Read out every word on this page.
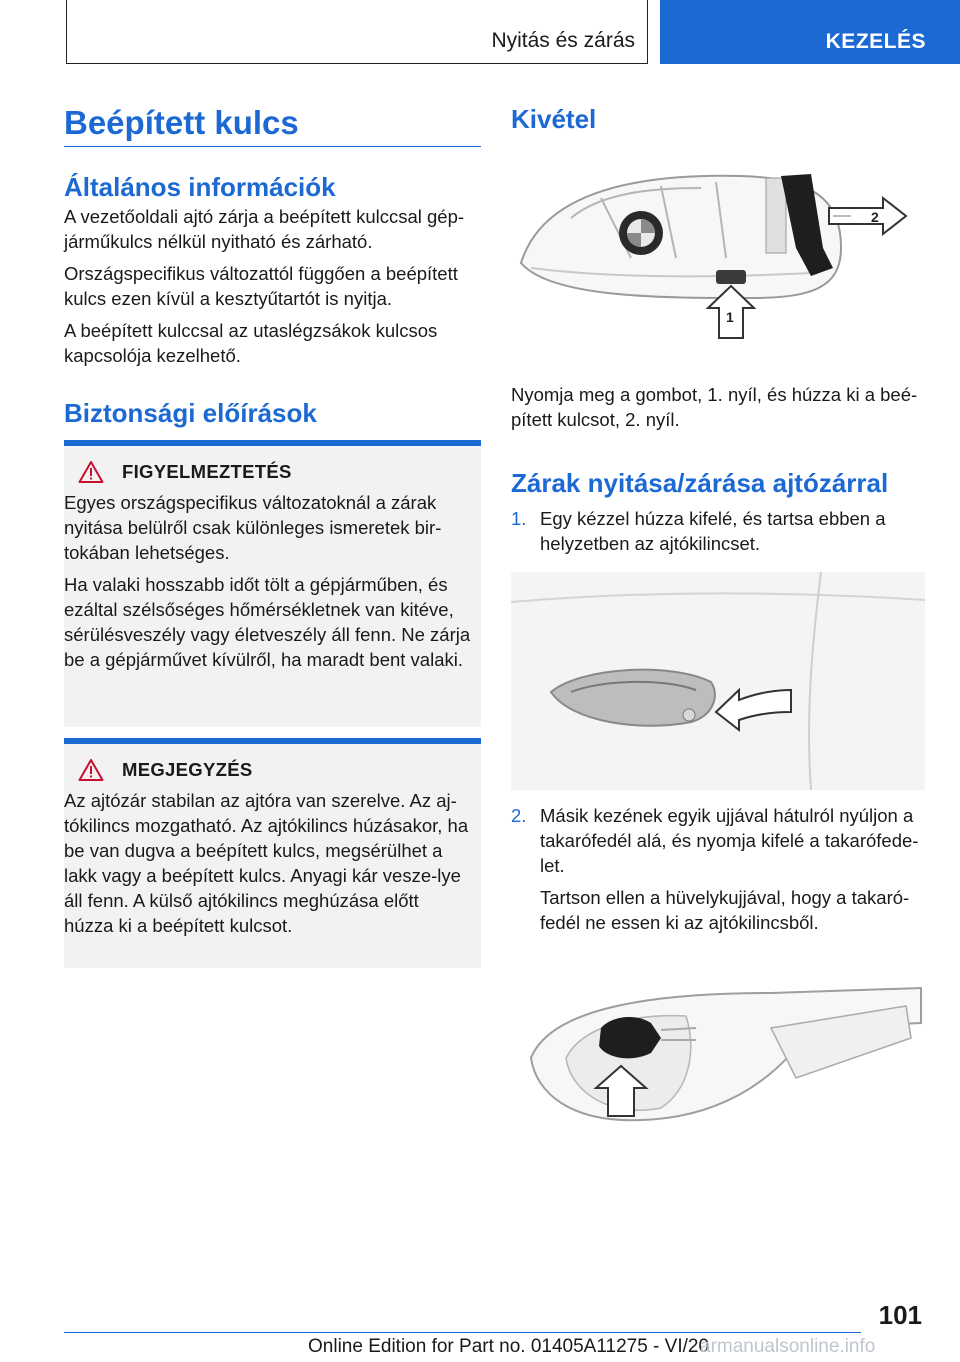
Nyitás és zárás	KEZELÉS
Beépített kulcs
Általános információk

A vezetőoldali ajtó zárja a beépített kulccsal gép-járműkulcs nélkül nyitható és zárható.

Országspecifikus változattól függően a beépített kulcs ezen kívül a kesztyűtartót is nyitja.

A beépített kulccsal az utaslégzsákok kulcsos kapcsolója kezelhető.

Biztonsági előírások
FIGYELMEZTETÉS

Egyes országspecifikus változatoknál a zárak nyitása belülről csak különleges ismeretek bir-tokában lehetséges.

Ha valaki hosszabb időt tölt a gépjárműben, és ezáltal szélsőséges hőmérsékletnek van kitéve, sérülésveszély vagy életveszély áll fenn. Ne zárja be a gépjárművet kívülről, ha maradt bent valaki.

MEGJEGYZÉS

Az ajtózár stabilan az ajtóra van szerelve. Az aj-tókilincs mozgatható. Az ajtókilincs húzásakor, ha be van dugva a beépített kulcs, megsérülhet a lakk vagy a beépített kulcs. Anyagi kár vesze-lye áll fenn. A külső ajtókilincs meghúzása előtt húzza ki a beépített kulcsot.

Kivétel
2
1

Nyomja meg a gombot, 1. nyíl, és húzza ki a beé-pített kulcsot, 2. nyíl.

Zárak nyitása/zárása ajtózárral
1. Egy kézzel húzza kifelé, és tartsa ebben a helyzetben az ajtókilincset.
2. Másik kezének egyik ujjával hátulról nyúljon a takarófedél alá, és nyomja kifelé a takarófede-let.
Tartson ellen a hüvelykujjával, hogy a takaró-fedél ne essen ki az ajtókilincsből.
101
Online Edition for Part no. 01405A11275 - VI/20
armanualsonline.info
